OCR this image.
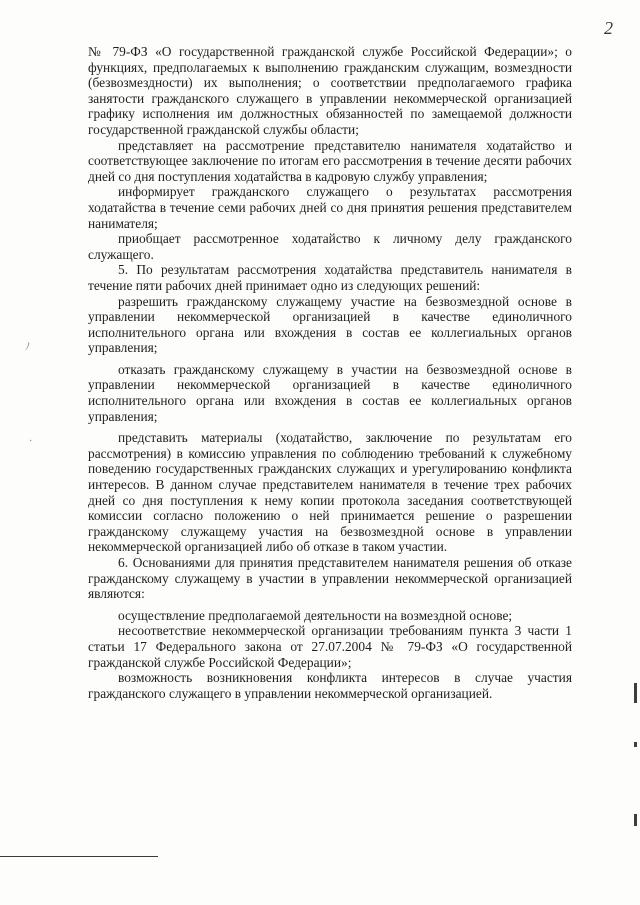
2

№ 79-ФЗ «О государственной гражданской службе Российской Федерации»; о функциях, предполагаемых к выполнению гражданским служащим, возмездности (безвозмездности) их выполнения; о соответствии предполагаемого графика занятости гражданского служащего в управлении некоммерческой организацией графику исполнения им должностных обязанностей по замещаемой должности государственной гражданской службы области;

представляет на рассмотрение представителю нанимателя ходатайство и соответствующее заключение по итогам его рассмотрения в течение десяти рабочих дней со дня поступления ходатайства в кадровую службу управления;

информирует гражданского служащего о результатах рассмотрения ходатайства в течение семи рабочих дней со дня принятия решения представителем нанимателя;

приобщает рассмотренное ходатайство к личному делу гражданского служащего.

5. По результатам рассмотрения ходатайства представитель нанимателя в течение пяти рабочих дней принимает одно из следующих решений:

разрешить гражданскому служащему участие на безвозмездной основе в управлении некоммерческой организацией в качестве единоличного исполнительного органа или вхождения в состав ее коллегиальных органов управления;

отказать гражданскому служащему в участии на безвозмездной основе в управлении некоммерческой организацией в качестве единоличного исполнительного органа или вхождения в состав ее коллегиальных органов управления;

представить материалы (ходатайство, заключение по результатам его рассмотрения) в комиссию управления по соблюдению требований к служебному поведению государственных гражданских служащих и урегулированию конфликта интересов. В данном случае представителем нанимателя в течение трех рабочих дней со дня поступления к нему копии протокола заседания соответствующей комиссии согласно положению о ней принимается решение о разрешении гражданскому служащему участия на безвозмездной основе в управлении некоммерческой организацией либо об отказе в таком участии.

6. Основаниями для принятия представителем нанимателя решения об отказе гражданскому служащему в участии в управлении некоммерческой организацией являются:

осуществление предполагаемой деятельности на возмездной основе;

несоответствие некоммерческой организации требованиям пункта 3 части 1 статьи 17 Федерального закона от 27.07.2004 № 79-ФЗ «О государственной гражданской службе Российской Федерации»;

возможность возникновения конфликта интересов в случае участия гражданского служащего в управлении некоммерческой организацией.

ﾉ
·
